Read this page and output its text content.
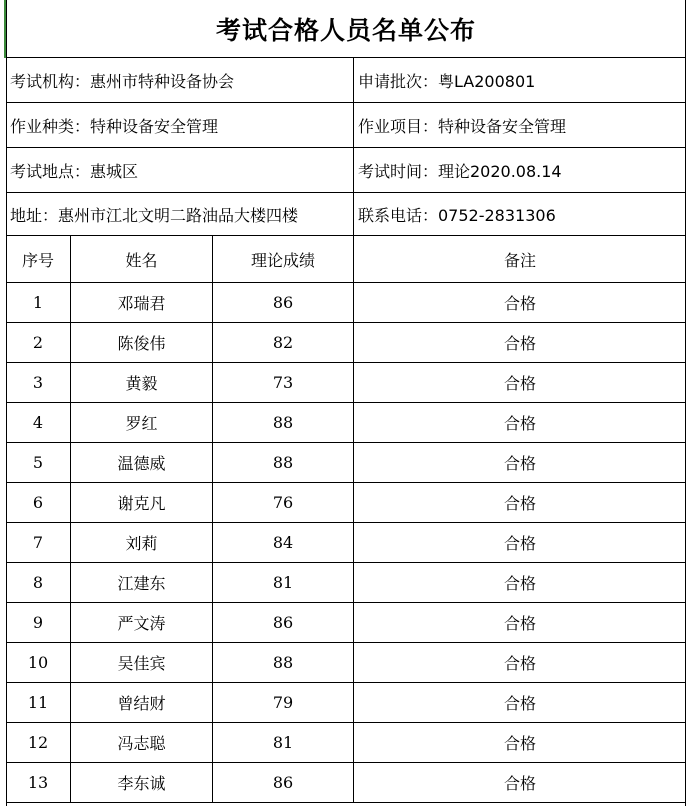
考试合格人员名单公布
考试机构：惠州市特种设备协会	申请批次：粤LA200801
作业种类：特种设备安全管理	作业项目：特种设备安全管理
考试地点：惠城区	考试时间：理论2020.08.14
地址：惠州市江北文明二路油品大楼四楼	联系电话：0752-2831306
序号	姓名	理论成绩	备注
1	邓瑞君	86	合格
2	陈俊伟	82	合格
3	黄毅	73	合格
4	罗红	88	合格
5	温德威	88	合格
6	谢克凡	76	合格
7	刘莉	84	合格
8	江建东	81	合格
9	严文涛	86	合格
10	吴佳宾	88	合格
11	曾结财	79	合格
12	冯志聪	81	合格
13	李东诚	86	合格
